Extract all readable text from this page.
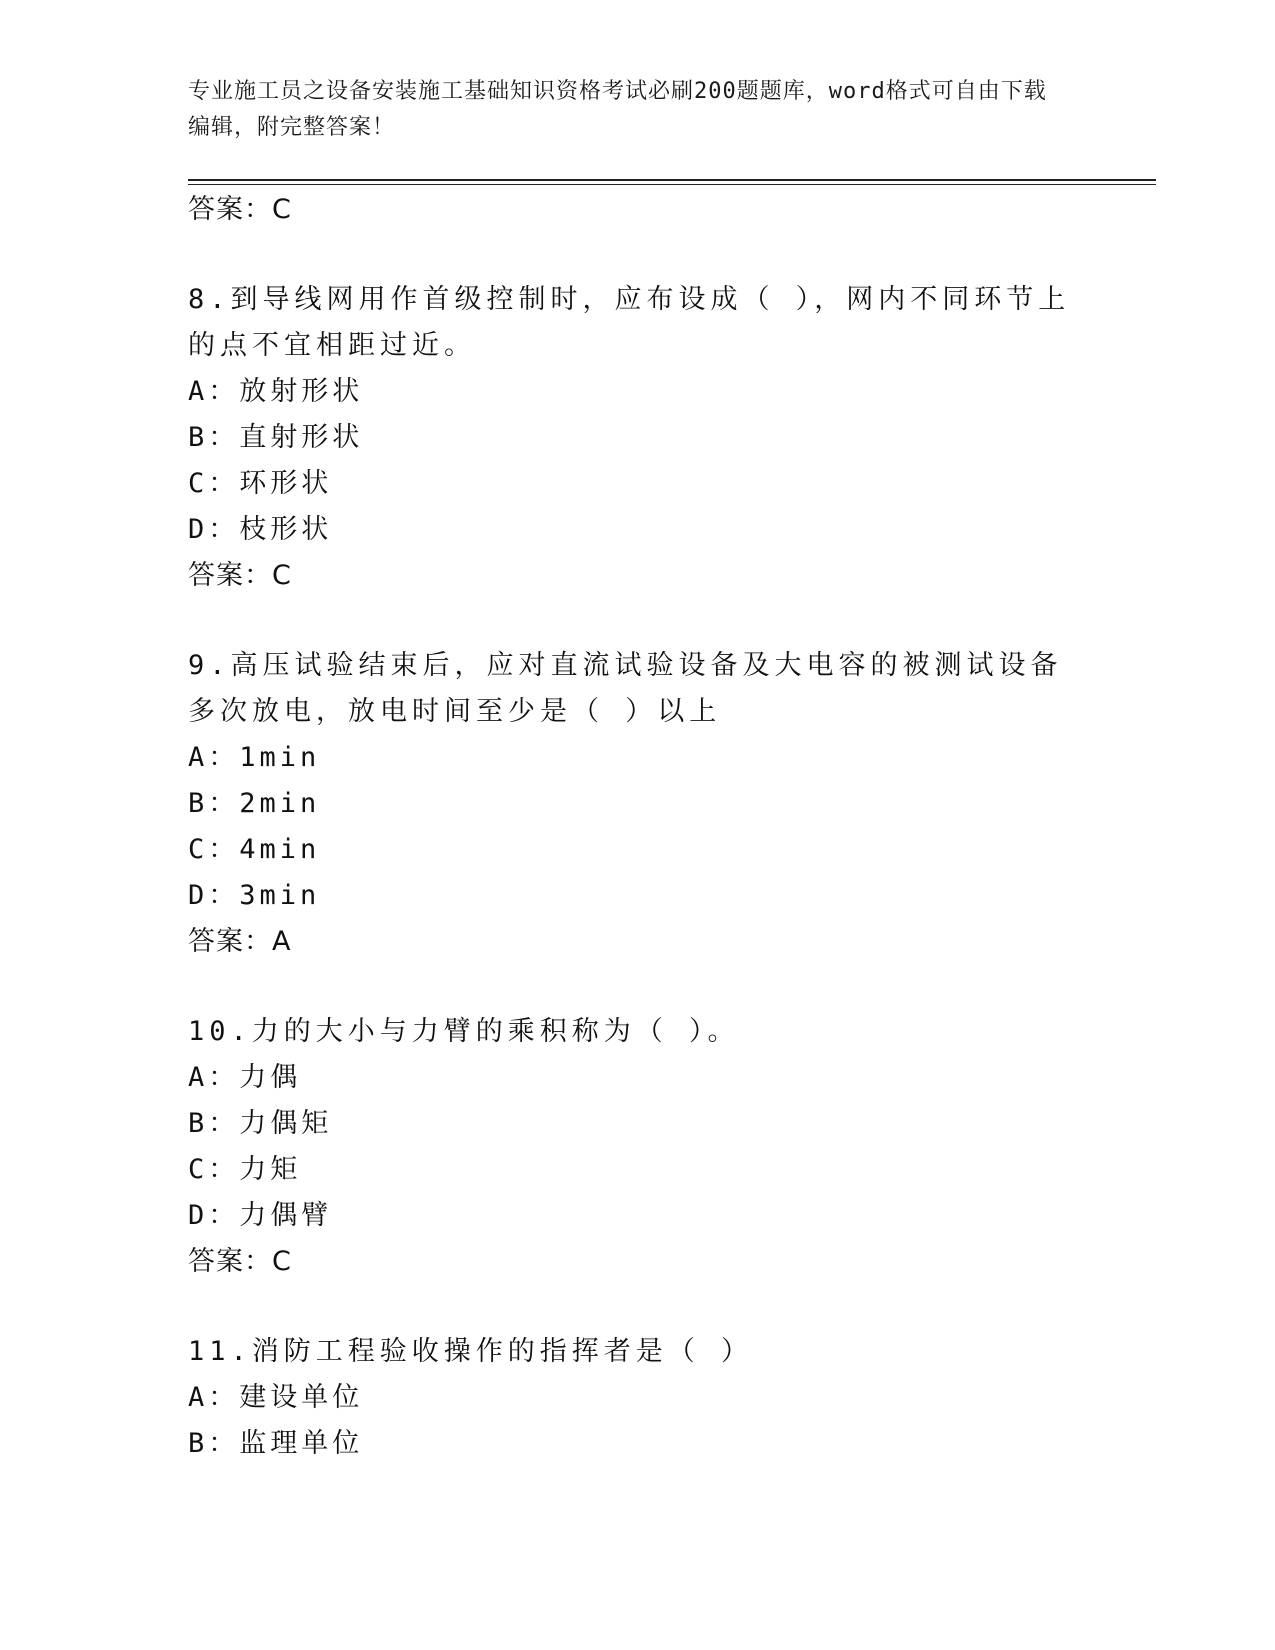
专业施工员之设备安装施工基础知识资格考试必刷200题题库，word格式可自由下载编辑，附完整答案！
答案：C
8.到导线网用作首级控制时，应布设成（ ），网内不同环节上的点不宜相距过近。
A：放射形状
B：直射形状
C：环形状
D：枝形状
答案：C
9.高压试验结束后，应对直流试验设备及大电容的被测试设备多次放电，放电时间至少是（ ）以上
A：1min
B：2min
C：4min
D：3min
答案：A
10.力的大小与力臂的乘积称为（ ）。
A：力偶
B：力偶矩
C：力矩
D：力偶臂
答案：C
11.消防工程验收操作的指挥者是（ ）
A：建设单位
B：监理单位
